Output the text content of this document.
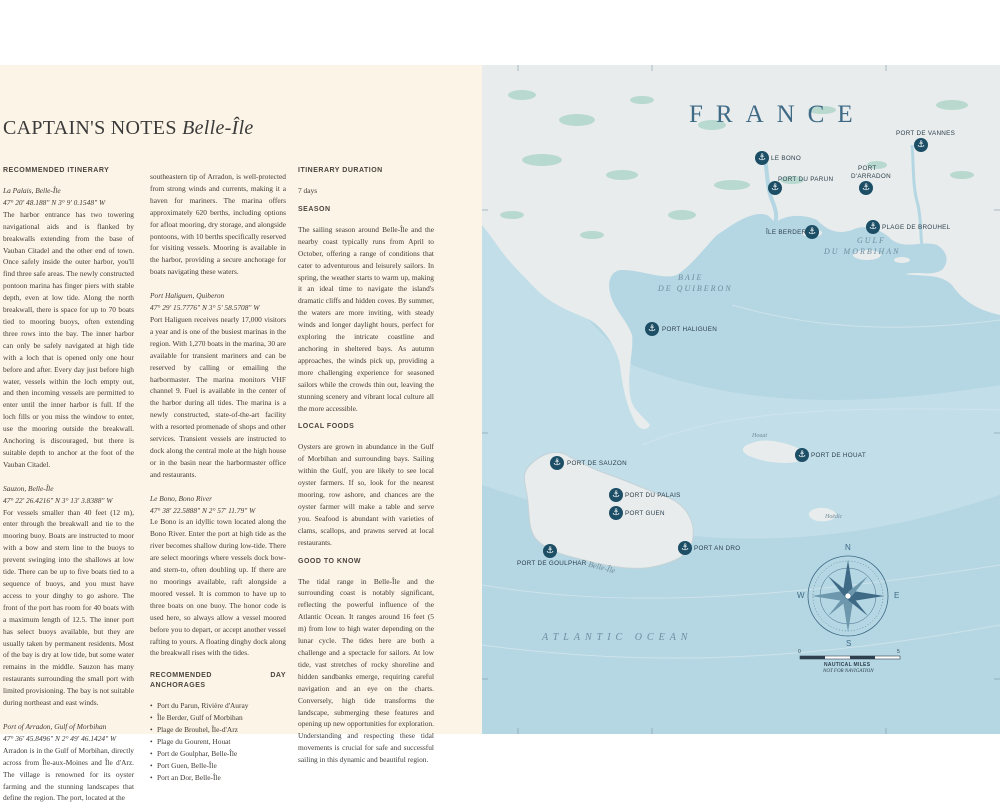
CAPTAIN'S NOTES Belle-Île
RECOMMENDED ITINERARY

La Palais, Belle-Île

47° 20' 48.188" N 3° 9' 0.1548" W

The harbor entrance has two towering navigational aids and is flanked by breakwalls extending from the base of Vauban Citadel and the other end of town. Once safely inside the outer harbor, you'll find three safe areas. The newly constructed pontoon marina has finger piers with stable depth, even at low tide. Along the north breakwall, there is space for up to 70 boats tied to mooring buoys, often extending three rows into the bay. The inner harbor can only be safely navigated at high tide with a loch that is opened only one hour before and after. Every day just before high water, vessels within the loch empty out, and then incoming vessels are permitted to enter until the inner harbor is full. If the loch fills or you miss the window to enter, use the mooring outside the breakwall. Anchoring is discouraged, but there is suitable depth to anchor at the foot of the Vauban Citadel.

Sauzon, Belle-Île

47° 22' 26.4216" N 3° 13' 3.8388" W

For vessels smaller than 40 feet (12 m), enter through the breakwall and tie to the mooring buoy. Boats are instructed to moor with a bow and stern line to the buoys to prevent swinging into the shallows at low tide. There can be up to five boats tied to a sequence of buoys, and you must have access to your dinghy to go ashore. The front of the port has room for 40 boats with a maximum length of 12.5. The inner port has select buoys available, but they are usually taken by permanent residents. Most of the bay is dry at low tide, but some water remains in the middle. Sauzon has many restaurants surrounding the small port with limited provisioning. The bay is not suitable during northeast and east winds.

Port of Arradon, Gulf of Morbihan

47° 36' 45.8496" N 2° 49' 46.1424" W

Arradon is in the Gulf of Morbihan, directly across from Île-aux-Moines and Île d'Arz. The village is renowned for its oyster farming and the stunning landscapes that define the region. The port, located at the

southeastern tip of Arradon, is well-protected from strong winds and currents, making it a haven for mariners. The marina offers approximately 620 berths, including options for afloat mooring, dry storage, and alongside pontoons, with 10 berths specifically reserved for visiting vessels. Mooring is available in the harbor, providing a secure anchorage for boats navigating these waters.

Port Haliguen, Quiberon

47° 29' 15.7776" N 3° 5' 58.5708" W

Port Haliguen receives nearly 17,000 visitors a year and is one of the busiest marinas in the region. With 1,270 boats in the marina, 30 are available for transient mariners and can be reserved by calling or emailing the harbormaster. The marina monitors VHF channel 9. Fuel is available in the center of the harbor during all tides. The marina is a newly constructed, state-of-the-art facility with a resorted promenade of shops and other services. Transient vessels are instructed to dock along the central mole at the high house or in the basin near the harbormaster office and restaurants.

Le Bono, Bono River

47° 38' 22.5888" N 2° 57' 11.79" W

Le Bono is an idyllic town located along the Bono River. Enter the port at high tide as the river becomes shallow during low-tide. There are select moorings where vessels dock bow- and stern-to, often doubling up. If there are no moorings available, raft alongside a moored vessel. It is common to have up to three boats on one buoy. The honor code is used here, so always allow a vessel moored before you to depart, or accept another vessel rafting to yours. A floating dinghy dock along the breakwall rises with the tides.

RECOMMENDED DAY ANCHORAGES
• Port du Parun, Rivière d'Auray
• Île Berder, Gulf of Morbihan
• Plage de Brouhel, Île-d'Arz
• Plage du Gourent, Houat
• Port de Goulphar, Belle-Île
• Port Guen, Belle-Île
• Port an Dor, Belle-Île
ITINERARY DURATION

7 days

SEASON

The sailing season around Belle-Île and the nearby coast typically runs from April to October, offering a range of conditions that cater to adventurous and leisurely sailors. In spring, the weather starts to warm up, making it an ideal time to navigate the island's dramatic cliffs and hidden coves. By summer, the waters are more inviting, with steady winds and longer daylight hours, perfect for exploring the intricate coastline and anchoring in sheltered bays. As autumn approaches, the winds pick up, providing a more challenging experience for seasoned sailors while the crowds thin out, leaving the stunning scenery and vibrant local culture all the more accessible.

LOCAL FOODS

Oysters are grown in abundance in the Gulf of Morbihan and surrounding bays. Sailing within the Gulf, you are likely to see local oyster farmers. If so, look for the nearest mooring, row ashore, and chances are the oyster farmer will make a table and serve you. Seafood is abundant with varieties of clams, scallops, and prawns served at local restaurants.

GOOD TO KNOW

The tidal range in Belle-Île and the surrounding coast is notably significant, reflecting the powerful influence of the Atlantic Ocean. It ranges around 16 feet (5 m) from low to high water depending on the lunar cycle. The tides here are both a challenge and a spectacle for sailors. At low tide, vast stretches of rocky shoreline and hidden sandbanks emerge, requiring careful navigation and an eye on the charts. Conversely, high tide transforms the landscape, submerging these features and opening up new opportunities for exploration. Understanding and respecting these tidal movements is crucial for safe and successful sailing in this dynamic and beautiful region.

FRANCE
BAIE
DE QUIBERON
GULF
DU MORBIHAN
ATLANTIC OCEAN
Belle-Île
Houat
Hoëdic
⚓
PORT DE VANNES
⚓ LE BONO
⚓
PORT DU PARUN
⚓
PORT
D'ARRADON
⚓
ÎLE BERDER
⚓ PLAGE DE BROUHEL
⚓ PORT HALIGUEN
⚓ PORT DE SAUZON
⚓ PORT DE HOUAT
⚓ PORT DU PALAIS
⚓ PORT GUEN
⚓ PORT AN DRO
⚓
PORT DE GOULPHAR
N
S
E
W
0	5
NAUTICAL MILES
NOT FOR NAVIGATION
